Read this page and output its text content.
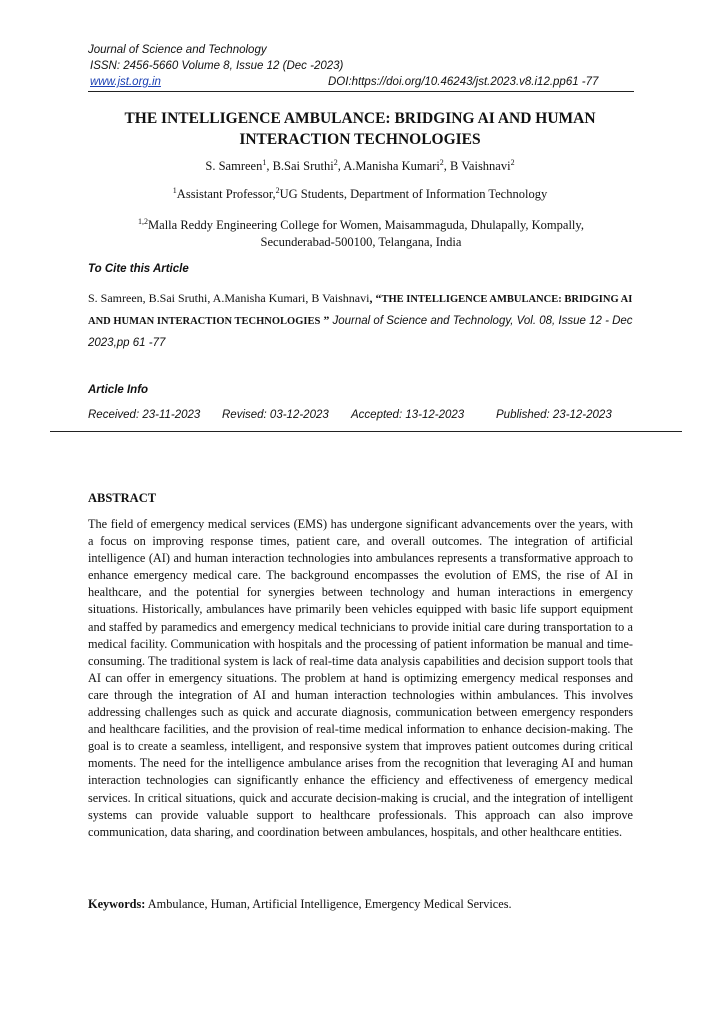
Journal of Science and Technology
ISSN: 2456-5660 Volume 8, Issue 12 (Dec -2023)
www.jst.org.in	DOI:https://doi.org/10.46243/jst.2023.v8.i12.pp61 -77
THE INTELLIGENCE AMBULANCE: BRIDGING AI AND HUMAN
INTERACTION TECHNOLOGIES
S. Samreen$^1$, B.Sai Sruthi$^2$, A.Manisha Kumari$^2$, B Vaishnavi$^2$
$^1$Assistant Professor,$^2$UG Students, Department of Information Technology
$^{1,2}$Malla Reddy Engineering College for Women, Maisammaguda, Dhulapally, Kompally,
Secunderabad-500100, Telangana, India
To Cite this Article
S. Samreen, B.Sai Sruthi, A.Manisha Kumari, B Vaishnavi, “THE INTELLIGENCE AMBULANCE: BRIDGING AI AND HUMAN INTERACTION TECHNOLOGIES ” Journal of Science and Technology, Vol. 08, Issue 12 - Dec 2023,pp 61 -77
Article Info
Received: 23-11-2023 Revised: 03-12-2023 Accepted: 13-12-2023	Published: 23-12-2023
ABSTRACT
The field of emergency medical services (EMS) has undergone significant advancements over the years, with a focus on improving response times, patient care, and overall outcomes. The integration of artificial intelligence (AI) and human interaction technologies into ambulances represents a transformative approach to enhance emergency medical care. The background encompasses the evolution of EMS, the rise of AI in healthcare, and the potential for synergies between technology and human interactions in emergency situations. Historically, ambulances have primarily been vehicles equipped with basic life support equipment and staffed by paramedics and emergency medical technicians to provide initial care during transportation to a medical facility. Communication with hospitals and the processing of patient information be manual and time-consuming. The traditional system is lack of real-time data analysis capabilities and decision support tools that AI can offer in emergency situations. The problem at hand is optimizing emergency medical responses and care through the integration of AI and human interaction technologies within ambulances. This involves addressing challenges such as quick and accurate diagnosis, communication between emergency responders and healthcare facilities, and the provision of real-time medical information to enhance decision-making. The goal is to create a seamless, intelligent, and responsive system that improves patient outcomes during critical moments. The need for the intelligence ambulance arises from the recognition that leveraging AI and human interaction technologies can significantly enhance the efficiency and effectiveness of emergency medical services. In critical situations, quick and accurate decision-making is crucial, and the integration of intelligent systems can provide valuable support to healthcare professionals. This approach can also improve communication, data sharing, and coordination between ambulances, hospitals, and other healthcare entities.
Keywords: Ambulance, Human, Artificial Intelligence, Emergency Medical Services.
